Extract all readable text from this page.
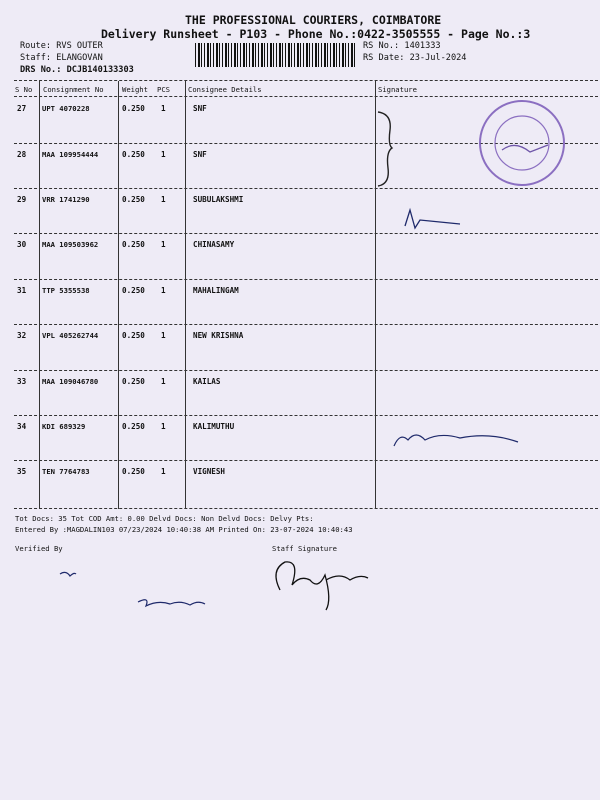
THE PROFESSIONAL COURIERS, COIMBATORE
Delivery Runsheet - P103 - Phone No.:0422-3505555 - Page No.:3
Route: RVS OUTER
Staff: ELANGOVAN
DRS No.: DCJB140133303
RS No.: 1401333
RS Date: 23-Jul-2024
S No Consignment No	Weight PCS	Consignee Details	Signature
27 UPT 4070228	0.250 1	SNF
28 MAA 109954444	0.250 1	SNF
29 VRR 1741290	0.250 1	SUBULAKSHMI
30 MAA 109503962	0.250 1	CHINASAMY
31 TTP 5355538	0.250 1	MAHALINGAM
32 VPL 405262744	0.250 1	NEW KRISHNA
33 MAA 109046780	0.250 1	KAILAS
34 KDI 689329	0.250 1	KALIMUTHU
35 TEN 7764783	0.250 1	VIGNESH
LIMITED
8056234757
C. Saradha Devi
M. Siya
9688509031
P/S
S.S.Kohe
9894961082
9363162365
C/N
Tot Docs: 35 Tot COD Amt: 0.00 Delvd Docs: Non Delvd Docs: Delvy Pts:
Entered By :MAGDALIN103 07/23/2024 10:40:38 AM Printed On: 23-07-2024 10:40:43
Verified By	Staff Signature
